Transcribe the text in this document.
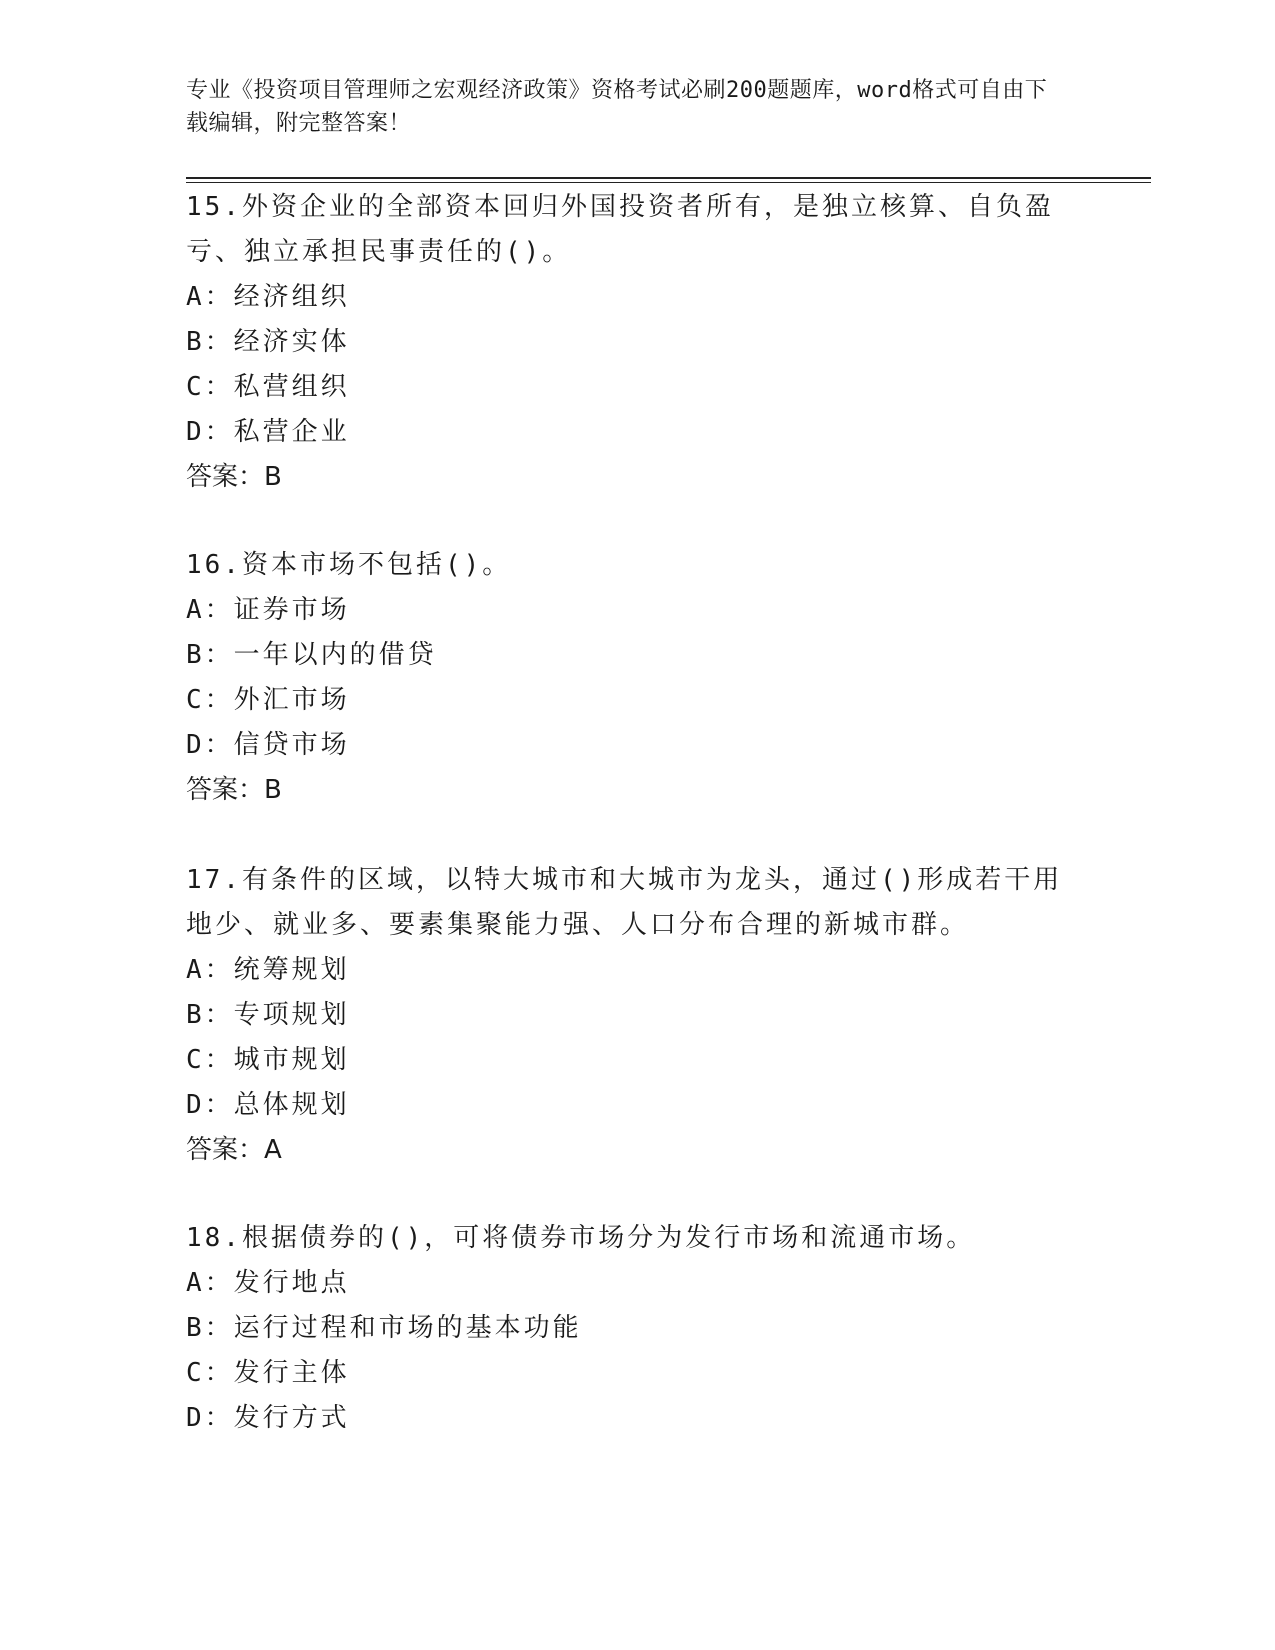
专业《投资项目管理师之宏观经济政策》资格考试必刷200题题库，word格式可自由下载编辑，附完整答案！

15.外资企业的全部资本回归外国投资者所有，是独立核算、自负盈亏、独立承担民事责任的()。

A：经济组织

B：经济实体

C：私营组织

D：私营企业

答案：B

16.资本市场不包括()。

A：证券市场

B：一年以内的借贷

C：外汇市场

D：信贷市场

答案：B

17.有条件的区域，以特大城市和大城市为龙头，通过()形成若干用地少、就业多、要素集聚能力强、人口分布合理的新城市群。

A：统筹规划

B：专项规划

C：城市规划

D：总体规划

答案：A

18.根据债券的()，可将债券市场分为发行市场和流通市场。

A：发行地点

B：运行过程和市场的基本功能

C：发行主体

D：发行方式
